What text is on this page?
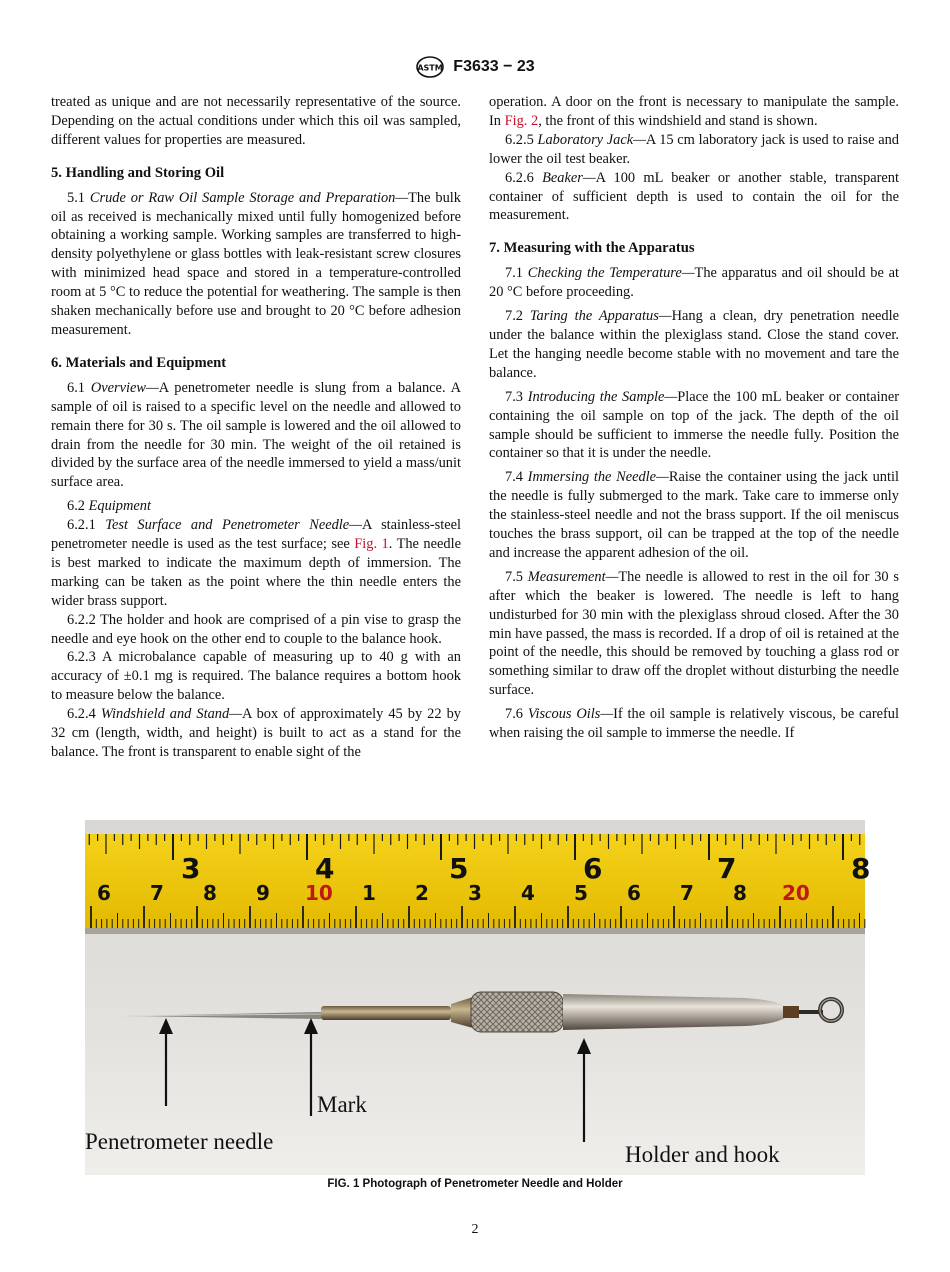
ASTM F3633 − 23

treated as unique and are not necessarily representative of the source. Depending on the actual conditions under which this oil was sampled, different values for properties are measured.

5. Handling and Storing Oil

5.1 Crude or Raw Oil Sample Storage and Preparation—The bulk oil as received is mechanically mixed until fully homogenized before obtaining a working sample. Working samples are transferred to high-density polyethylene or glass bottles with leak-resistant screw closures with minimized head space and stored in a temperature-controlled room at 5 °C to reduce the potential for weathering. The sample is then shaken mechanically before use and brought to 20 °C before adhesion measurement.

6. Materials and Equipment

6.1 Overview—A penetrometer needle is slung from a balance. A sample of oil is raised to a specific level on the needle and allowed to remain there for 30 s. The oil sample is lowered and the oil allowed to drain from the needle for 30 min. The weight of the oil retained is divided by the surface area of the needle immersed to yield a mass/unit surface area.

6.2 Equipment

6.2.1 Test Surface and Penetrometer Needle—A stainless-steel penetrometer needle is used as the test surface; see Fig. 1. The needle is best marked to indicate the maximum depth of immersion. The marking can be taken as the point where the thin needle enters the wider brass support.

6.2.2 The holder and hook are comprised of a pin vise to grasp the needle and eye hook on the other end to couple to the balance hook.

6.2.3 A microbalance capable of measuring up to 40 g with an accuracy of ±0.1 mg is required. The balance requires a bottom hook to measure below the balance.

6.2.4 Windshield and Stand—A box of approximately 45 by 22 by 32 cm (length, width, and height) is built to act as a stand for the balance. The front is transparent to enable sight of the

operation. A door on the front is necessary to manipulate the sample. In Fig. 2, the front of this windshield and stand is shown.

6.2.5 Laboratory Jack—A 15 cm laboratory jack is used to raise and lower the oil test beaker.

6.2.6 Beaker—A 100 mL beaker or another stable, transparent container of sufficient depth is used to contain the oil for the measurement.

7. Measuring with the Apparatus

7.1 Checking the Temperature—The apparatus and oil should be at 20 °C before proceeding.

7.2 Taring the Apparatus—Hang a clean, dry penetration needle under the balance within the plexiglass stand. Close the stand cover. Let the hanging needle become stable with no movement and tare the balance.

7.3 Introducing the Sample—Place the 100 mL beaker or container containing the oil sample on top of the jack. The depth of the oil sample should be sufficient to immerse the needle fully. Position the container so that it is under the needle.

7.4 Immersing the Needle—Raise the container using the jack until the needle is fully submerged to the mark. Take care to immerse only the stainless-steel needle and not the brass support. If the oil meniscus touches the brass support, oil can be trapped at the top of the needle and increase the apparent adhesion of the oil.

7.5 Measurement—The needle is allowed to rest in the oil for 30 s after which the beaker is lowered. The needle is left to hang undisturbed for 30 min with the plexiglass shroud closed. After the 30 min have passed, the mass is recorded. If a drop of oil is retained at the point of the needle, this should be removed by touching a glass rod or something similar to draw off the droplet without disturbing the needle surface.

7.6 Viscous Oils—If the oil sample is relatively viscous, be careful when raising the oil sample to immerse the needle. If

3	4	5	6	7	8
6 7 8 9 10 1 2 3 4 5 6 7 8 20
Penetrometer needle
Mark
Holder and hook
FIG. 1 Photograph of Penetrometer Needle and Holder
2
